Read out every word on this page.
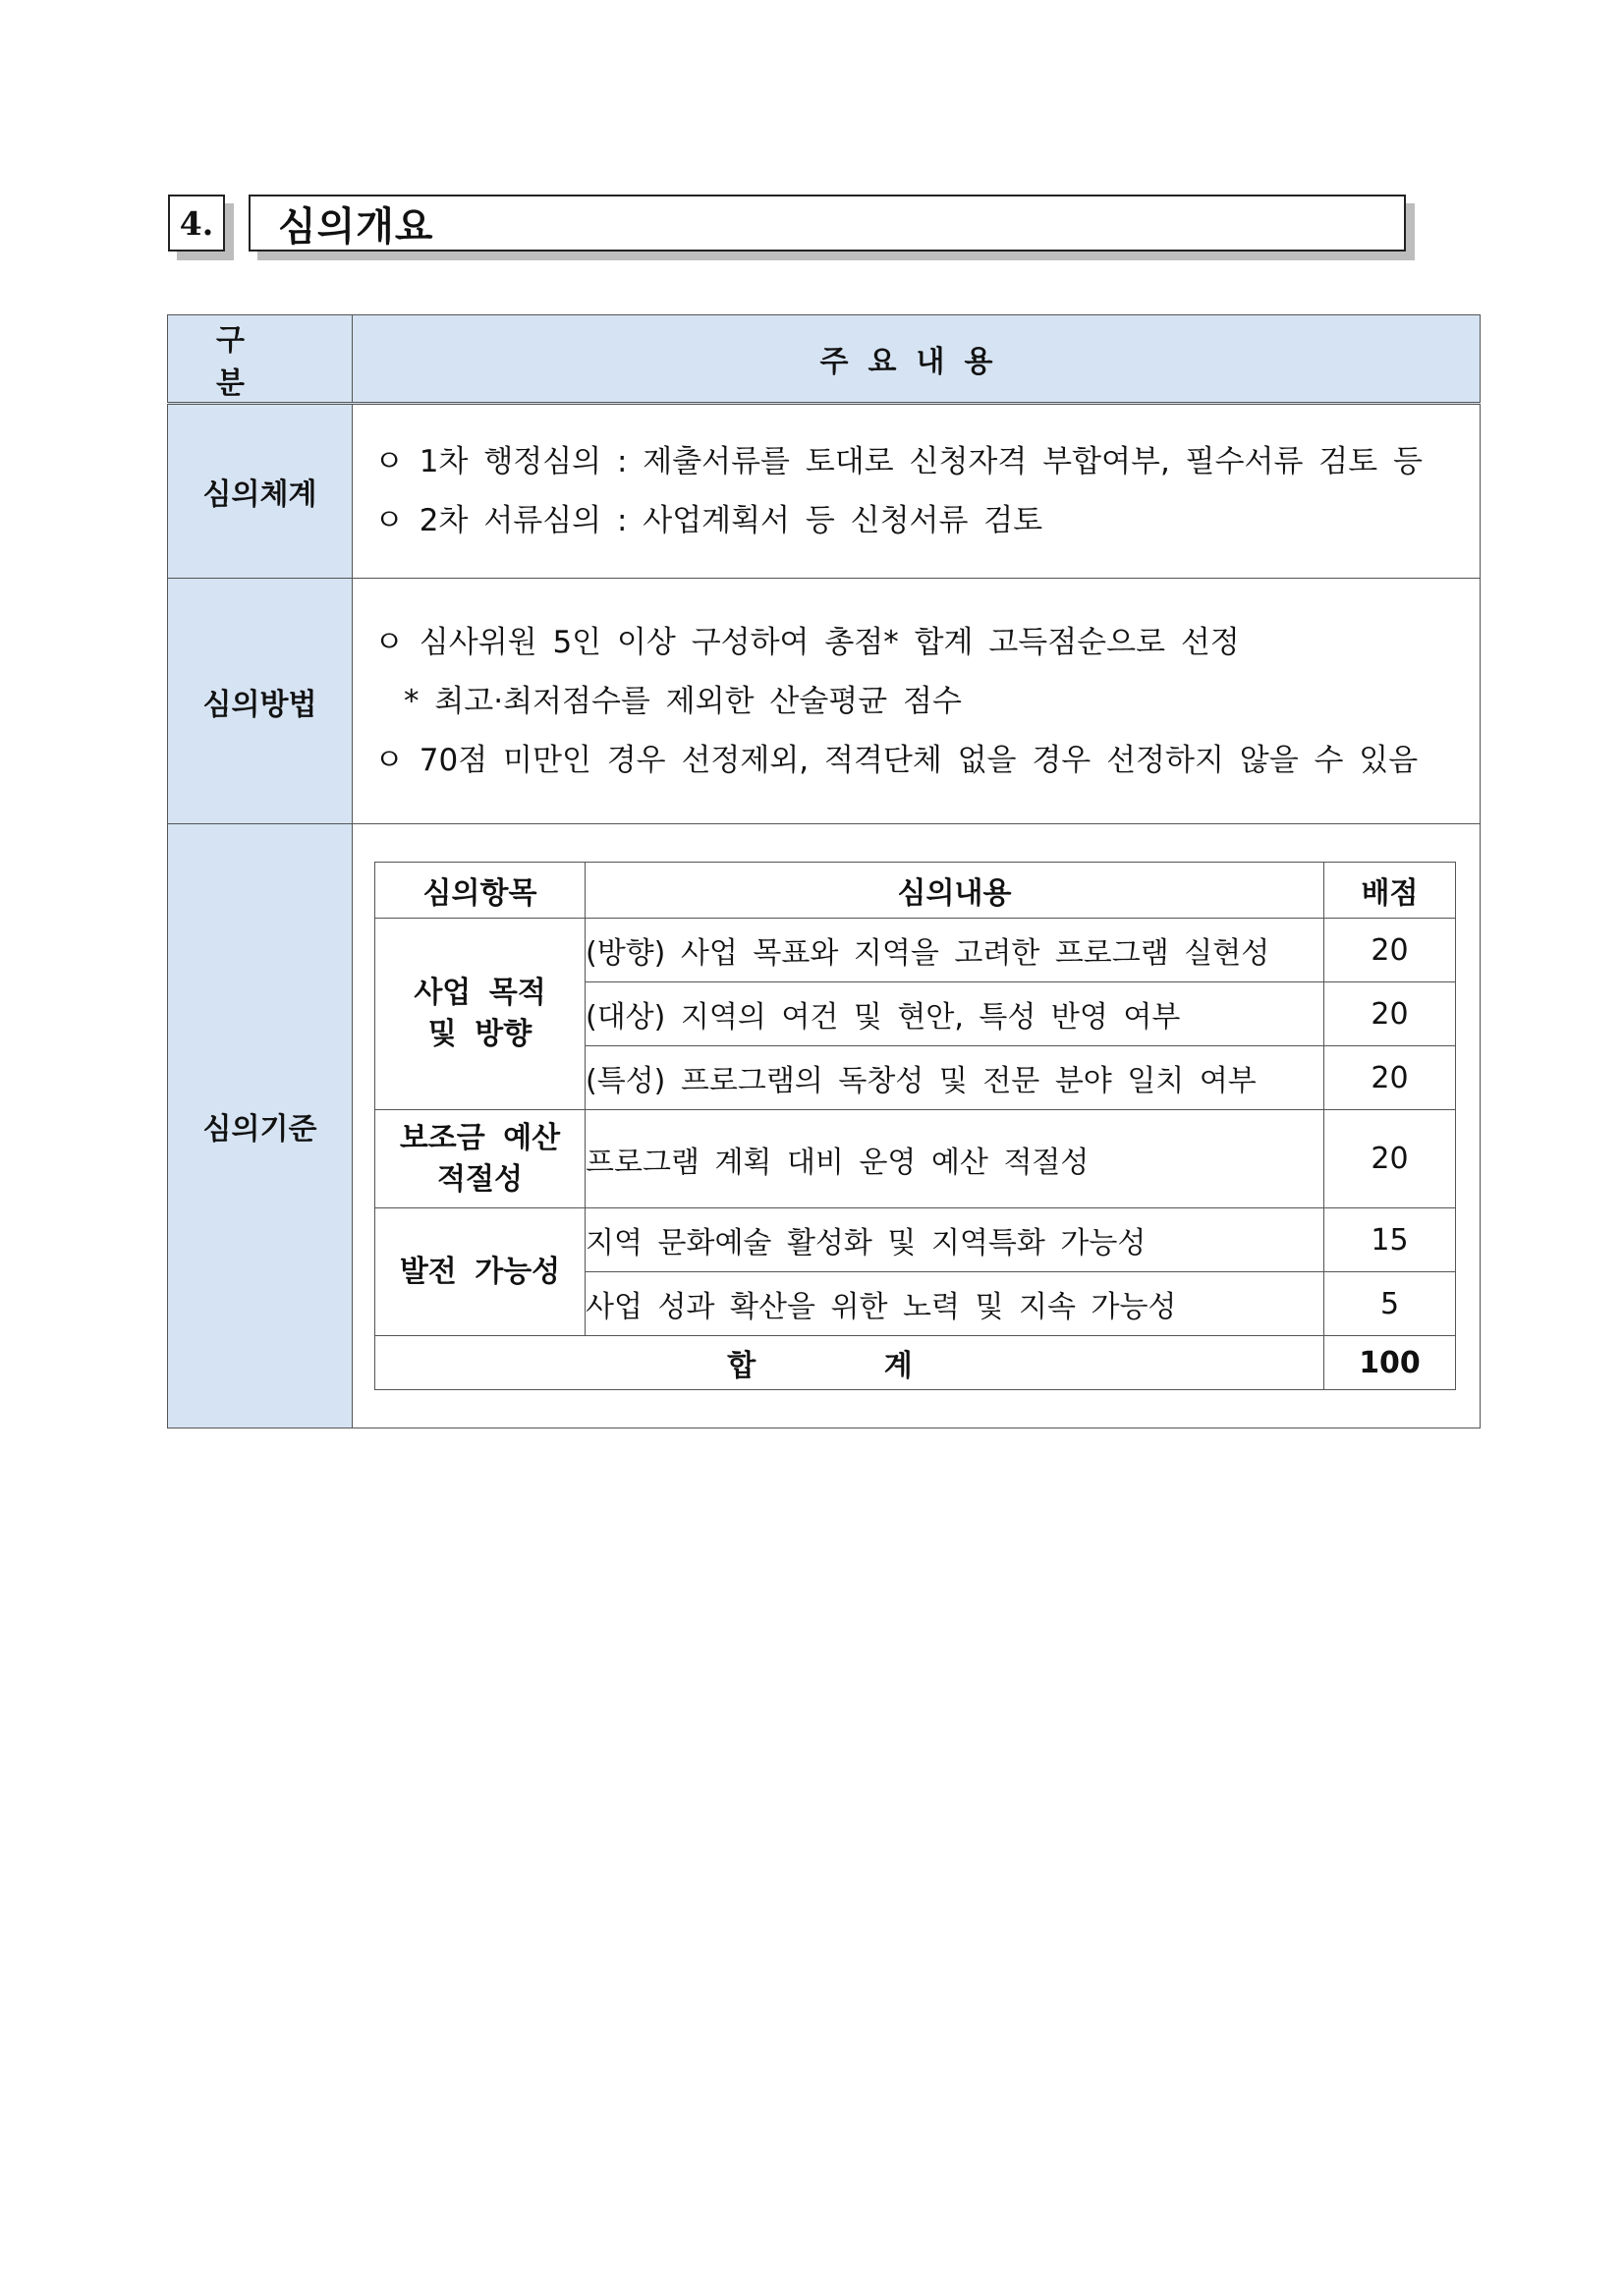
4.	심의개요
구 분	주요내용
심의체계	
ㅇ 1차 행정심의 : 제출서류를 토대로 신청자격 부합여부, 필수서류 검토 등
ㅇ 2차 서류심의 : 사업계획서 등 신청서류 검토

심의방법	
ㅇ 심사위원 5인 이상 구성하여 총점* 합계 고득점순으로 선정
* 최고·최저점수를 제외한 산술평균 점수
ㅇ 70점 미만인 경우 선정제외, 적격단체 없을 경우 선정하지 않을 수 있음

심의기준	
심의항목	심의내용	배점
사업 목적
및 방향	(방향) 사업 목표와 지역을 고려한 프로그램 실현성	20
(대상) 지역의 여건 및 현안, 특성 반영 여부	20
(특성) 프로그램의 독창성 및 전문 분야 일치 여부	20
보조금 예산
적절성	프로그램 계획 대비 운영 예산 적절성	20
발전 가능성	지역 문화예술 활성화 및 지역특화 가능성	15
사업 성과 확산을 위한 노력 및 지속 가능성	5
합 계	100
